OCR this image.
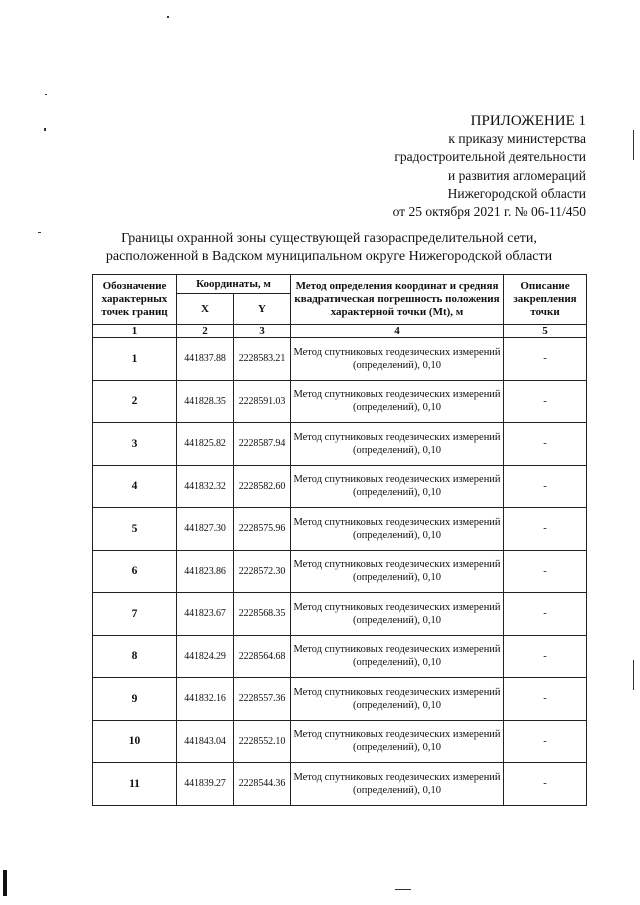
ПРИЛОЖЕНИЕ 1
к приказу министерства
градостроительной деятельности
и развития агломераций
Нижегородской области
от 25 октября 2021 г. № 06-11/450
Границы охранной зоны существующей газораспределительной сети,
расположенной в Вадском муниципальном округе Нижегородской области
Обозначение характерных точек границ	Координаты, м		Метод определения координат и средняя квадратическая погрешность положения характерной точки (Mt), м	Описание закрепления точки
	X	Y		
1	2	3	4	5
1	441837.88	2228583.21	Метод спутниковых геодезических измерений (определений), 0,10	-
2	441828.35	2228591.03	Метод спутниковых геодезических измерений (определений), 0,10	-
3	441825.82	2228587.94	Метод спутниковых геодезических измерений (определений), 0,10	-
4	441832.32	2228582.60	Метод спутниковых геодезических измерений (определений), 0,10	-
5	441827.30	2228575.96	Метод спутниковых геодезических измерений (определений), 0,10	-
6	441823.86	2228572.30	Метод спутниковых геодезических измерений (определений), 0,10	-
7	441823.67	2228568.35	Метод спутниковых геодезических измерений (определений), 0,10	-
8	441824.29	2228564.68	Метод спутниковых геодезических измерений (определений), 0,10	-
9	441832.16	2228557.36	Метод спутниковых геодезических измерений (определений), 0,10	-
10	441843.04	2228552.10	Метод спутниковых геодезических измерений (определений), 0,10	-
11	441839.27	2228544.36	Метод спутниковых геодезических измерений (определений), 0,10	-
